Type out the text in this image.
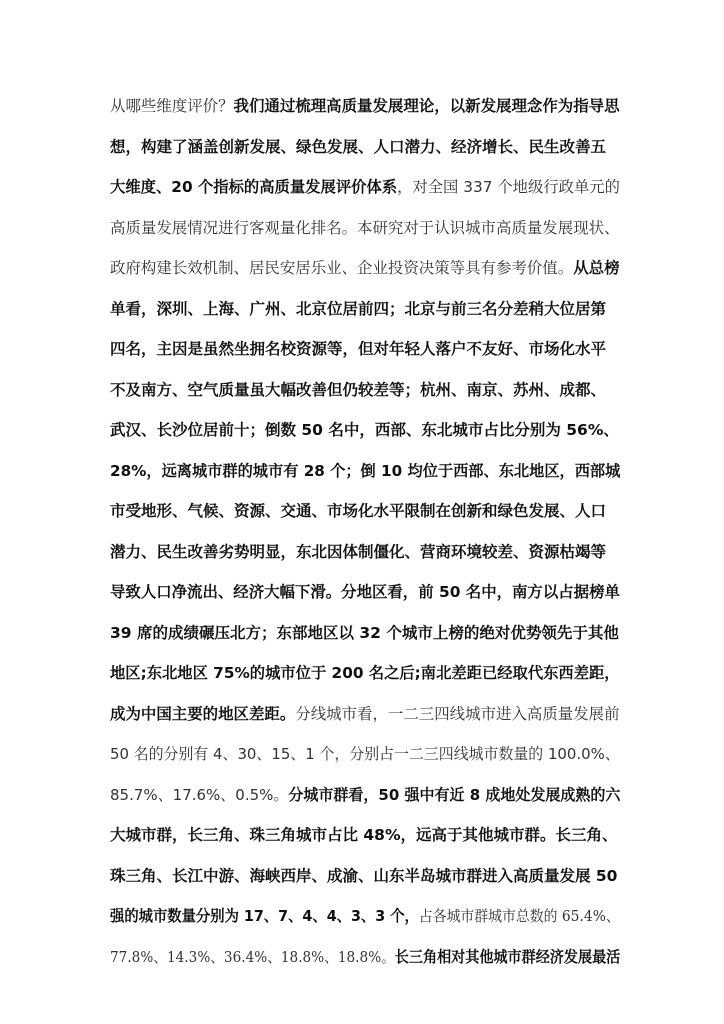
从哪些维度评价？我们通过梳理高质量发展理论，以新发展理念作为指导思
想，构建了涵盖创新发展、绿色发展、人口潜力、经济增长、民生改善五
大维度、20 个指标的高质量发展评价体系，对全国 337 个地级行政单元的
高质量发展情况进行客观量化排名。本研究对于认识城市高质量发展现状、
政府构建长效机制、居民安居乐业、企业投资决策等具有参考价值。从总榜
单看，深圳、上海、广州、北京位居前四；北京与前三名分差稍大位居第
四名，主因是虽然坐拥名校资源等，但对年轻人落户不友好、市场化水平
不及南方、空气质量虽大幅改善但仍较差等；杭州、南京、苏州、成都、
武汉、长沙位居前十；倒数 50 名中，西部、东北城市占比分别为 56%、
28%，远离城市群的城市有 28 个；倒 10 均位于西部、东北地区，西部城
市受地形、气候、资源、交通、市场化水平限制在创新和绿色发展、人口
潜力、民生改善劣势明显，东北因体制僵化、营商环境较差、资源枯竭等
导致人口净流出、经济大幅下滑。分地区看，前 50 名中，南方以占据榜单
39 席的成绩碾压北方；东部地区以 32 个城市上榜的绝对优势领先于其他
地区;东北地区 75%的城市位于 200 名之后;南北差距已经取代东西差距，
成为中国主要的地区差距。分线城市看，一二三四线城市进入高质量发展前
50 名的分别有 4、30、15、1 个，分别占一二三四线城市数量的 100.0%、
85.7%、17.6%、0.5%。分城市群看，50 强中有近 8 成地处发展成熟的六
大城市群，长三角、珠三角城市占比 48%，远高于其他城市群。长三角、
珠三角、长江中游、海峡西岸、成渝、山东半岛城市群进入高质量发展 50
强的城市数量分别为 17、7、4、4、3、3 个，占各城市群城市总数的 65.4%、
77.8%、14.3%、36.4%、18.8%、18.8%。长三角相对其他城市群经济发展最活
